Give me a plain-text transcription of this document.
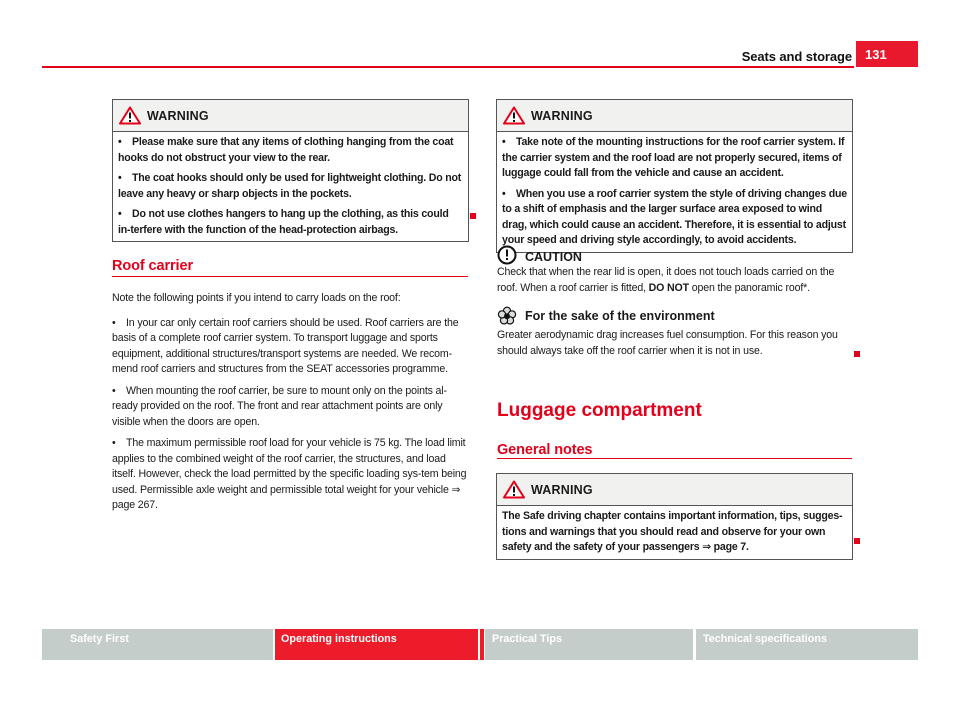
Seats and storage	131
WARNING

• Please make sure that any items of clothing hanging from the coat hooks do not obstruct your view to the rear.

• The coat hooks should only be used for lightweight clothing. Do not leave any heavy or sharp objects in the pockets.

• Do not use clothes hangers to hang up the clothing, as this could in-terfere with the function of the head-protection airbags.

Roof carrier

Note the following points if you intend to carry loads on the roof:

• In your car only certain roof carriers should be used. Roof carriers are the basis of a complete roof carrier system. To transport luggage and sports equipment, additional structures/transport systems are needed. We recom-mend roof carriers and structures from the SEAT accessories programme.

• When mounting the roof carrier, be sure to mount only on the points al-ready provided on the roof. The front and rear attachment points are only visible when the doors are open.

• The maximum permissible roof load for your vehicle is 75 kg. The load limit applies to the combined weight of the roof carrier, the structures, and load itself. However, check the load permitted by the specific loading sys-tem being used. Permissible axle weight and permissible total weight for your vehicle ⇒ page 267.

WARNING

• Take note of the mounting instructions for the roof carrier system. If the carrier system and the roof load are not properly secured, items of luggage could fall from the vehicle and cause an accident.

• When you use a roof carrier system the style of driving changes due to a shift of emphasis and the larger surface area exposed to wind drag, which could cause an accident. Therefore, it is essential to adjust your speed and driving style accordingly, to avoid accidents.

CAUTION
Check that when the rear lid is open, it does not touch loads carried on the roof. When a roof carrier is fitted, DO NOT open the panoramic roof*.
For the sake of the environment
Greater aerodynamic drag increases fuel consumption. For this reason you should always take off the roof carrier when it is not in use.
Luggage compartment
General notes
WARNING

The Safe driving chapter contains important information, tips, sugges-tions and warnings that you should read and observe for your own safety and the safety of your passengers ⇒ page 7.

Safety First	Operating instructions	Practical Tips	Technical specifications
